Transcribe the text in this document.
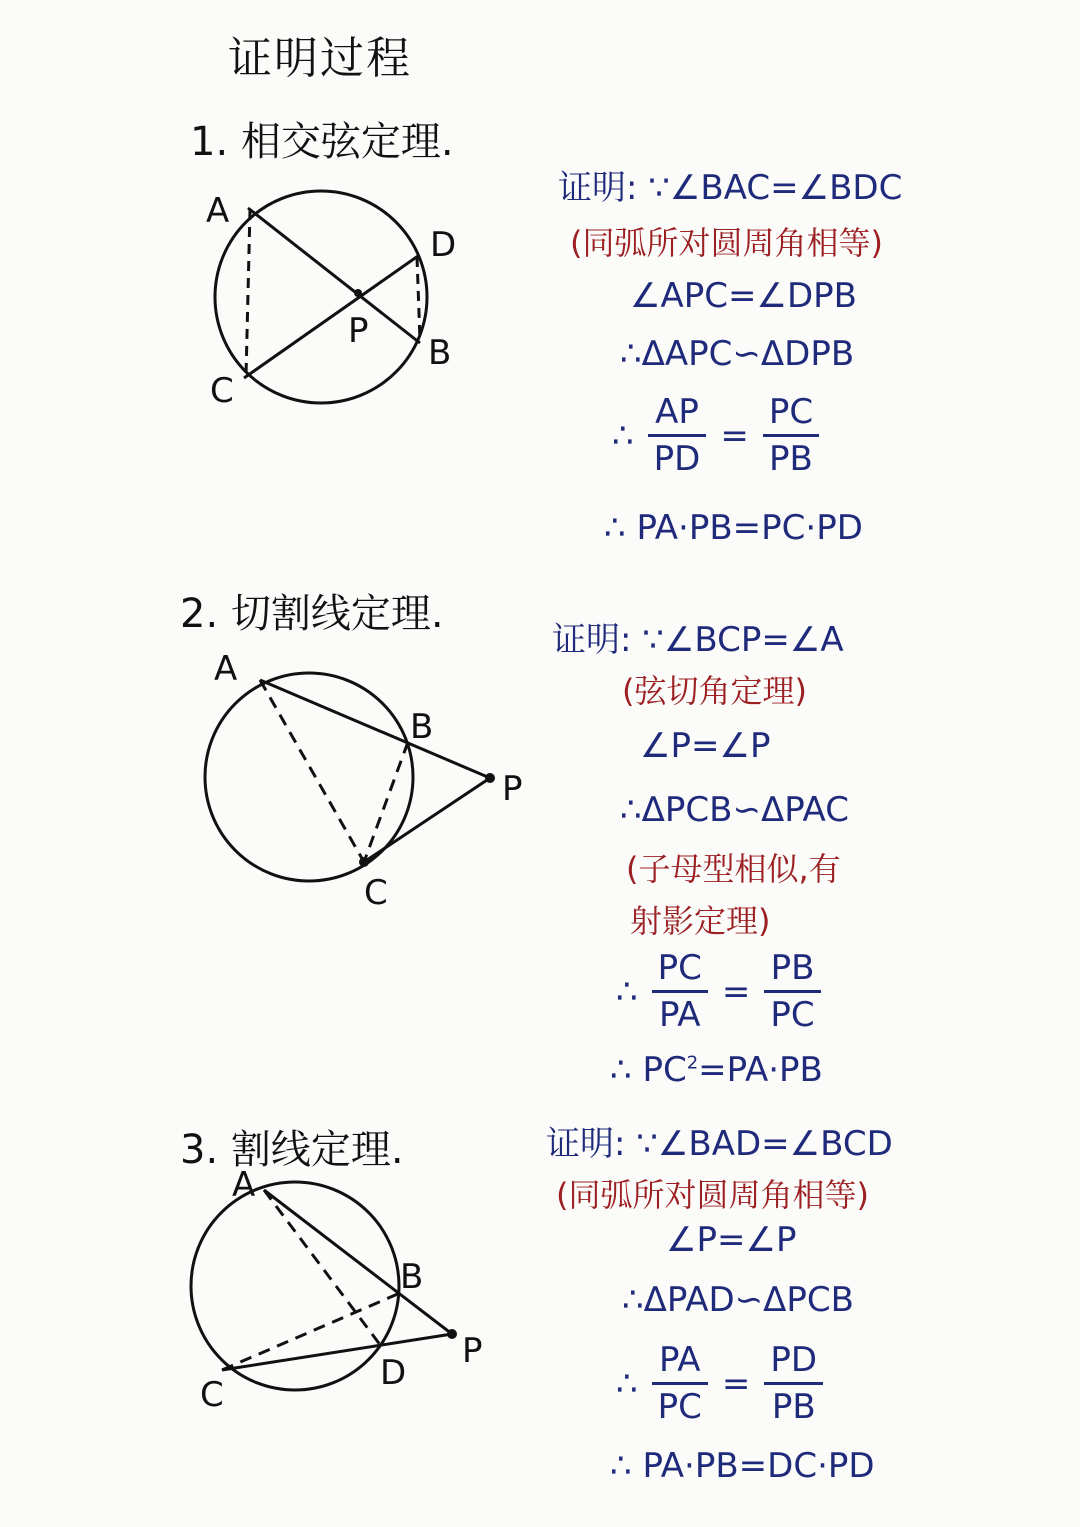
证明过程
1. 相交弦定理.
A
D
B
C
P
证明: ∵∠BAC=∠BDC
(同弧所对圆周角相等)
∠APC=∠DPB
∴ΔAPC∽ΔDPB
∴ $\frac{AP}{PD} = \frac{PC}{PB}$
∴ PA·PB=PC·PD
2. 切割线定理.
A
B
P
C
证明: ∵∠BCP=∠A
(弦切角定理)
∠P=∠P
∴ΔPCB∽ΔPAC
(子母型相似,有
射影定理)
∴ $\frac{PC}{PA} = \frac{PB}{PC}$
∴ $PC^2=PA\cdot PB$
3. 割线定理.
A
B
P
D
C
证明: ∵∠BAD=∠BCD
(同弧所对圆周角相等)
∠P=∠P
∴ΔPAD∽ΔPCB
∴ $\frac{PA}{PC} = \frac{PD}{PB}$
∴ PA·PB=DC·PD
